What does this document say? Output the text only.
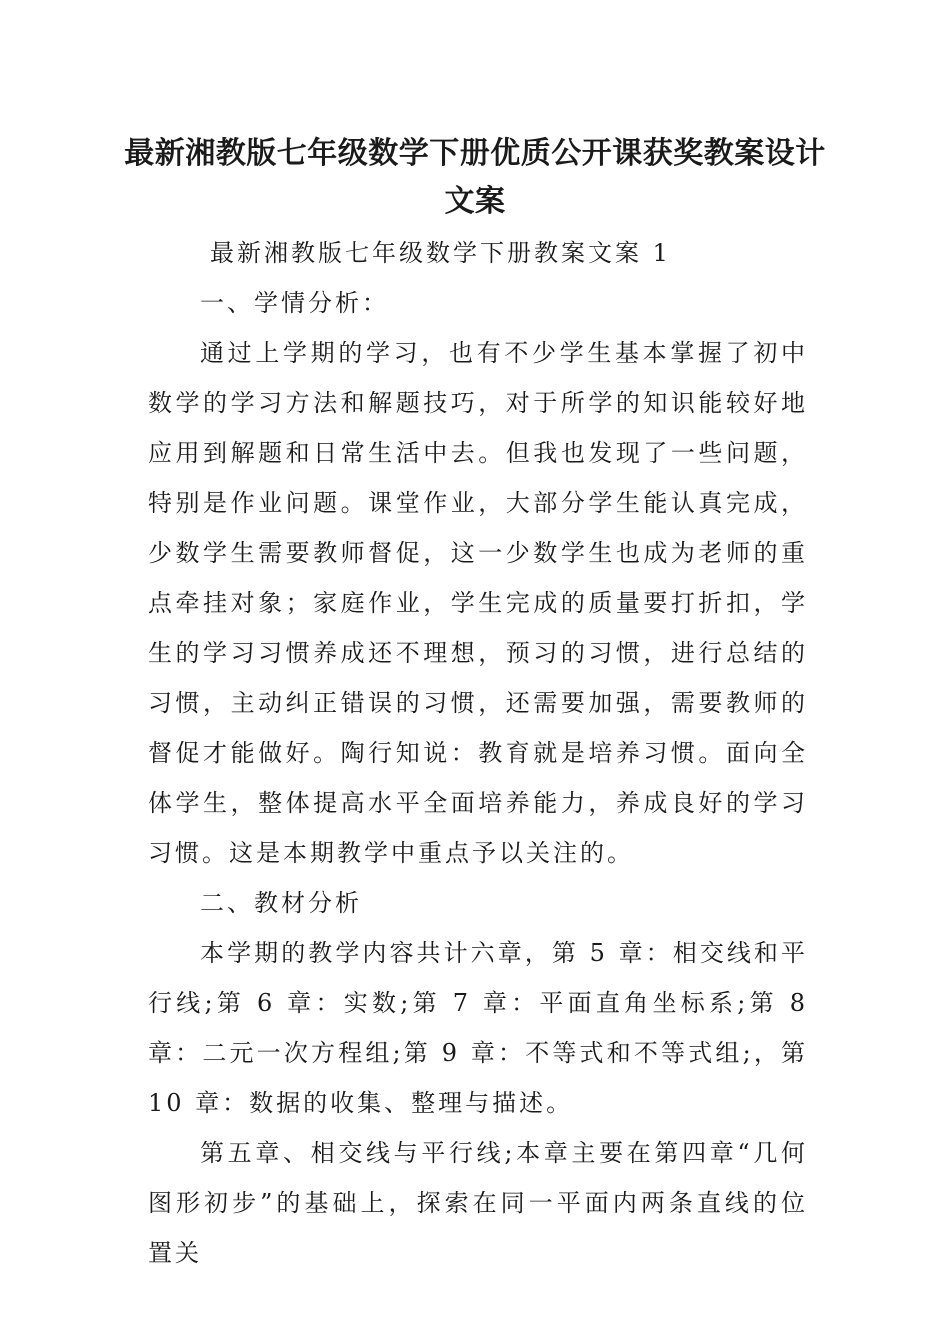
最新湘教版七年级数学下册优质公开课获奖教案设计文案

最新湘教版七年级数学下册教案文案 1

一、学情分析：

通过上学期的学习，也有不少学生基本掌握了初中数学的学习方法和解题技巧，对于所学的知识能较好地应用到解题和日常生活中去。但我也发现了一些问题，特别是作业问题。课堂作业，大部分学生能认真完成，少数学生需要教师督促，这一少数学生也成为老师的重点牵挂对象；家庭作业，学生完成的质量要打折扣，学生的学习习惯养成还不理想，预习的习惯，进行总结的习惯，主动纠正错误的习惯，还需要加强，需要教师的督促才能做好。陶行知说：教育就是培养习惯。面向全体学生，整体提高水平全面培养能力，养成良好的学习习惯。这是本期教学中重点予以关注的。

二、教材分析

本学期的教学内容共计六章，第 5 章：相交线和平行线;第 6 章：实数;第 7 章：平面直角坐标系;第 8 章：二元一次方程组;第 9 章：不等式和不等式组;，第 10 章：数据的收集、整理与描述。

第五章、相交线与平行线;本章主要在第四章“几何图形初步”的基础上，探索在同一平面内两条直线的位置关
